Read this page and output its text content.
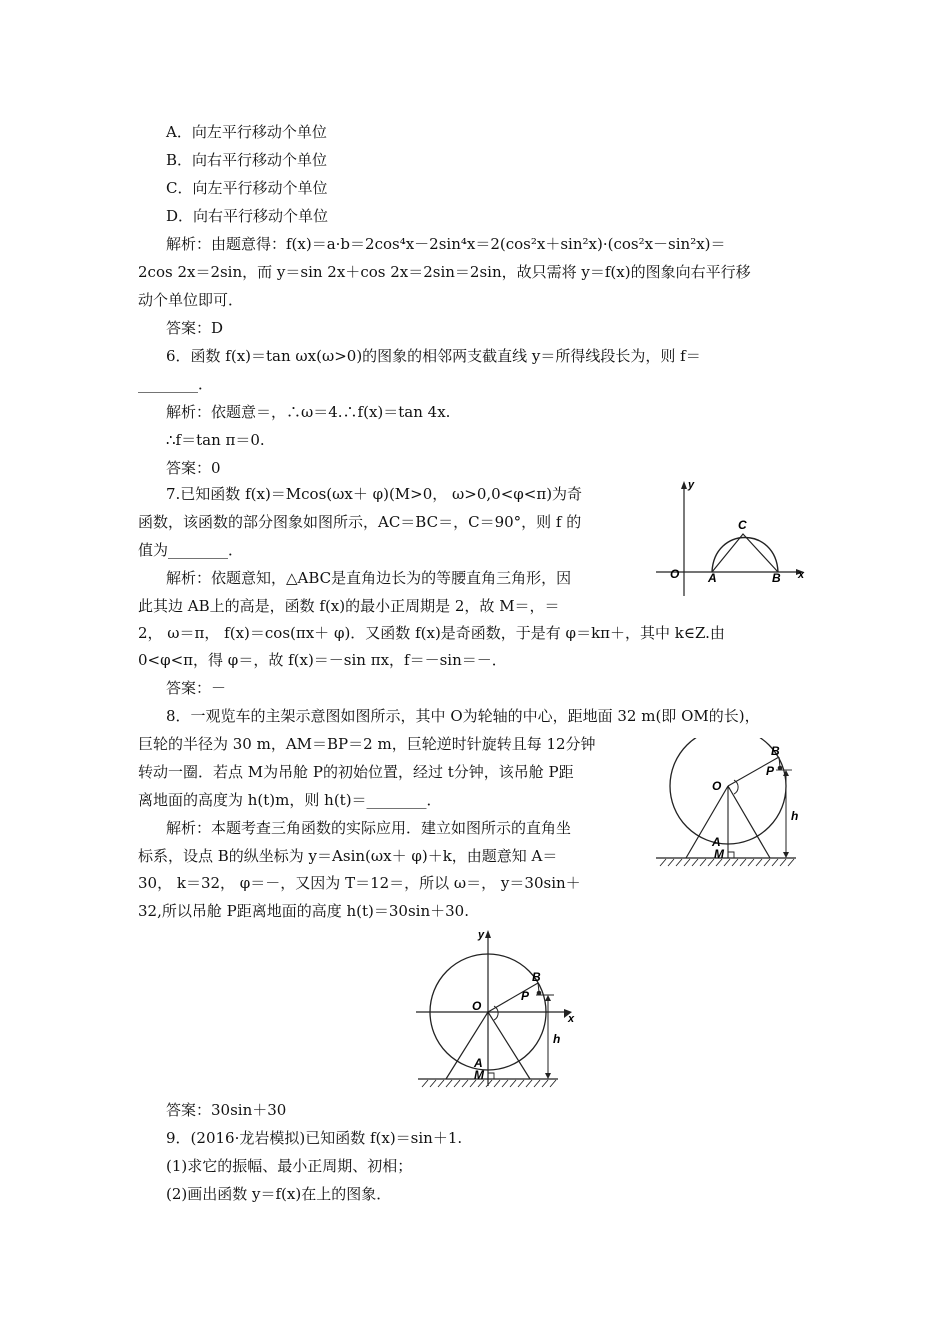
A．向左平行移动个单位
B．向右平行移动个单位
C．向左平行移动个单位
D．向右平行移动个单位
解析：由题意得：f(x)＝a·b＝2cos⁴x－2sin⁴x＝2(cos²x＋sin²x)·(cos²x－sin²x)＝
2cos 2x＝2sin，而 y＝sin 2x＋cos 2x＝2sin＝2sin，故只需将 y＝f(x)的图象向右平行移
动个单位即可．
答案：D
6．函数 f(x)＝tan ωx(ω>0)的图象的相邻两支截直线 y＝所得线段长为，则 f＝
________．
解析：依题意＝，∴ω＝4.∴f(x)＝tan 4x.
∴f＝tan π＝0.
答案：0
7.已知函数 f(x)＝Mcos(ωx＋ φ)(M>0， ω>0,0<φ<π)为奇
函数，该函数的部分图象如图所示，AC＝BC＝，C＝90°，则 f 的
值为________．
解析：依题意知，△ABC是直角边长为的等腰直角三角形，因
此其边 AB上的高是，函数 f(x)的最小正周期是 2，故 M＝，＝
2， ω＝π， f(x)＝cos(πx＋ φ)．又函数 f(x)是奇函数，于是有 φ＝kπ＋，其中 k∈Z.由
0<φ<π，得 φ＝，故 f(x)＝－sin πx，f＝－sin＝－．
答案：－
8．一观览车的主架示意图如图所示，其中 O为轮轴的中心，距地面 32 m(即 OM的长)，
巨轮的半径为 30 m，AM＝BP＝2 m，巨轮逆时针旋转且每 12分钟
转动一圈．若点 M为吊舱 P的初始位置，经过 t分钟，该吊舱 P距
离地面的高度为 h(t)m，则 h(t)＝________．
解析：本题考查三角函数的实际应用．建立如图所示的直角坐
标系，设点 B的纵坐标为 y＝Asin(ωx＋ φ)＋k，由题意知 A＝
30， k＝32， φ＝－，又因为 T＝12＝，所以 ω＝， y＝30sin＋
32,所以吊舱 P距离地面的高度 h(t)＝30sin＋30.
答案：30sin＋30
9．(2016·龙岩模拟)已知函数 f(x)＝sin＋1.
(1)求它的振幅、最小正周期、初相；
(2)画出函数 y＝f(x)在上的图象．
y
x
O A	B
C
B
P
O
A
M
h
y
x
B
P
O
A
M
h
